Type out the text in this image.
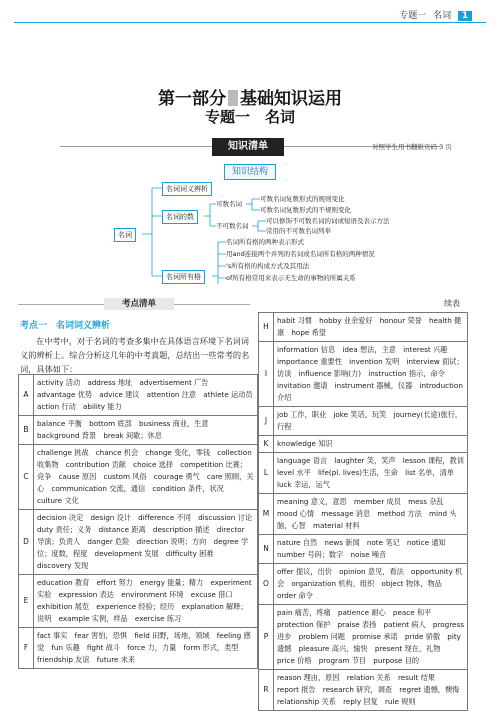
专题一 名词 1
第一部分 基础知识运用
专题一　名词
知识清单	对照学生用书翻版页码 3 页
知识结构
名词
名词词义辨析
名词的数
名词所有格
可数名词
不可数名词
可数名词复数形式的规则变化
可数名词复数形式的不规则变化
可以修饰不可数名词的词或短语及表示方法
常用的不可数名词列举
名词所有格的两种表示形式
用and连接两个并列的名词或名词所有格的两种情况
's所有格的构成方式及其用法
of所有格常用来表示无生命的事物的所属关系
考点清单	续表
考点一　名词词义辨析
在中考中，对于名词的考查多集中在具体语言环境下名词词义的辨析上。综合分析这几年的中考真题，总结出一些常考的名词，具体如下：
A	activity 活动　address 地址　advertisement 广告　advantage 优势　advice 建议　attention 注意　athlete 运动员　action 行动　ability 能力
B	balance 平衡　bottom 底部　business 商业，生意　background 背景　break 间歇；休息
C	challenge 挑战　chance 机会　change 变化，零钱　collection 收集物　contribution 贡献　choice 选择　competition 比赛；竞争　cause 原因　custom 风俗　courage 勇气　care 照顾，关心　communication 交流，通信　condition 条件，状况　culture 文化
D	decision 决定　design 设计　difference 不同　discussion 讨论　duty 责任；义务　distance 距离　description 描述　director 导演；负责人　danger 危险　direction 说明；方向　degree 学位；度数，程度　development 发展　difficulty 困难　discovery 发现
E	education 教育　effort 努力　energy 能量；精力　experiment 实验　expression 表达　environment 环境　excuse 借口　exhibition 展览　experience 经验；经历　explanation 解释；说明　example 实例，样品　exercise 练习
F	fact 事实　fear 害怕，恐惧　field 田野，场地，领域　feeling 感觉　fun 乐趣　fight 战斗　force 力，力量　form 形式，类型　friendship 友谊　future 未来
H	habit 习惯　hobby 业余爱好　honour 荣誉　health 健康　hope 希望
I	information 信息　idea 想法，主意　interest 兴趣　importance 重要性　invention 发明　interview 面试；访谈　influence 影响(力)　instruction 指示，命令　invitation 邀请　instrument 器械，仪器　introduction 介绍
J	job 工作，职业　joke 笑话，玩笑　journey(长途)旅行，行程
K	knowledge 知识
L	language 语言　laughter 笑，笑声　lesson 课程，教训　level 水平　life(pl. lives)生活，生命　list 名单，清单　luck 幸运，运气
M	meaning 意义，意思　member 成员　mess 杂乱　mood 心情　message 消息　method 方法　mind 头脑，心智　material 材料
N	nature 自然　news 新闻　note 笔记　notice 通知　number 号码；数字　noise 噪音
O	offer 提议，出价　opinion 意见，看法　opportunity 机会　organization 机构，组织　object 物体，物品　order 命令
P	pain 痛苦，疼痛　patience 耐心　peace 和平　protection 保护　praise 表扬　patient 病人　progress 进步　problem 问题　promise 承诺　pride 骄傲　pity 遗憾　pleasure 高兴，愉快　present 现在，礼物　price 价格　program 节目　purpose 目的
R	reason 理由，原因　relation 关系　result 结果　report 报告　research 研究，调查　regret 遗憾，懊悔　relationship 关系　reply 回复　rule 规则
